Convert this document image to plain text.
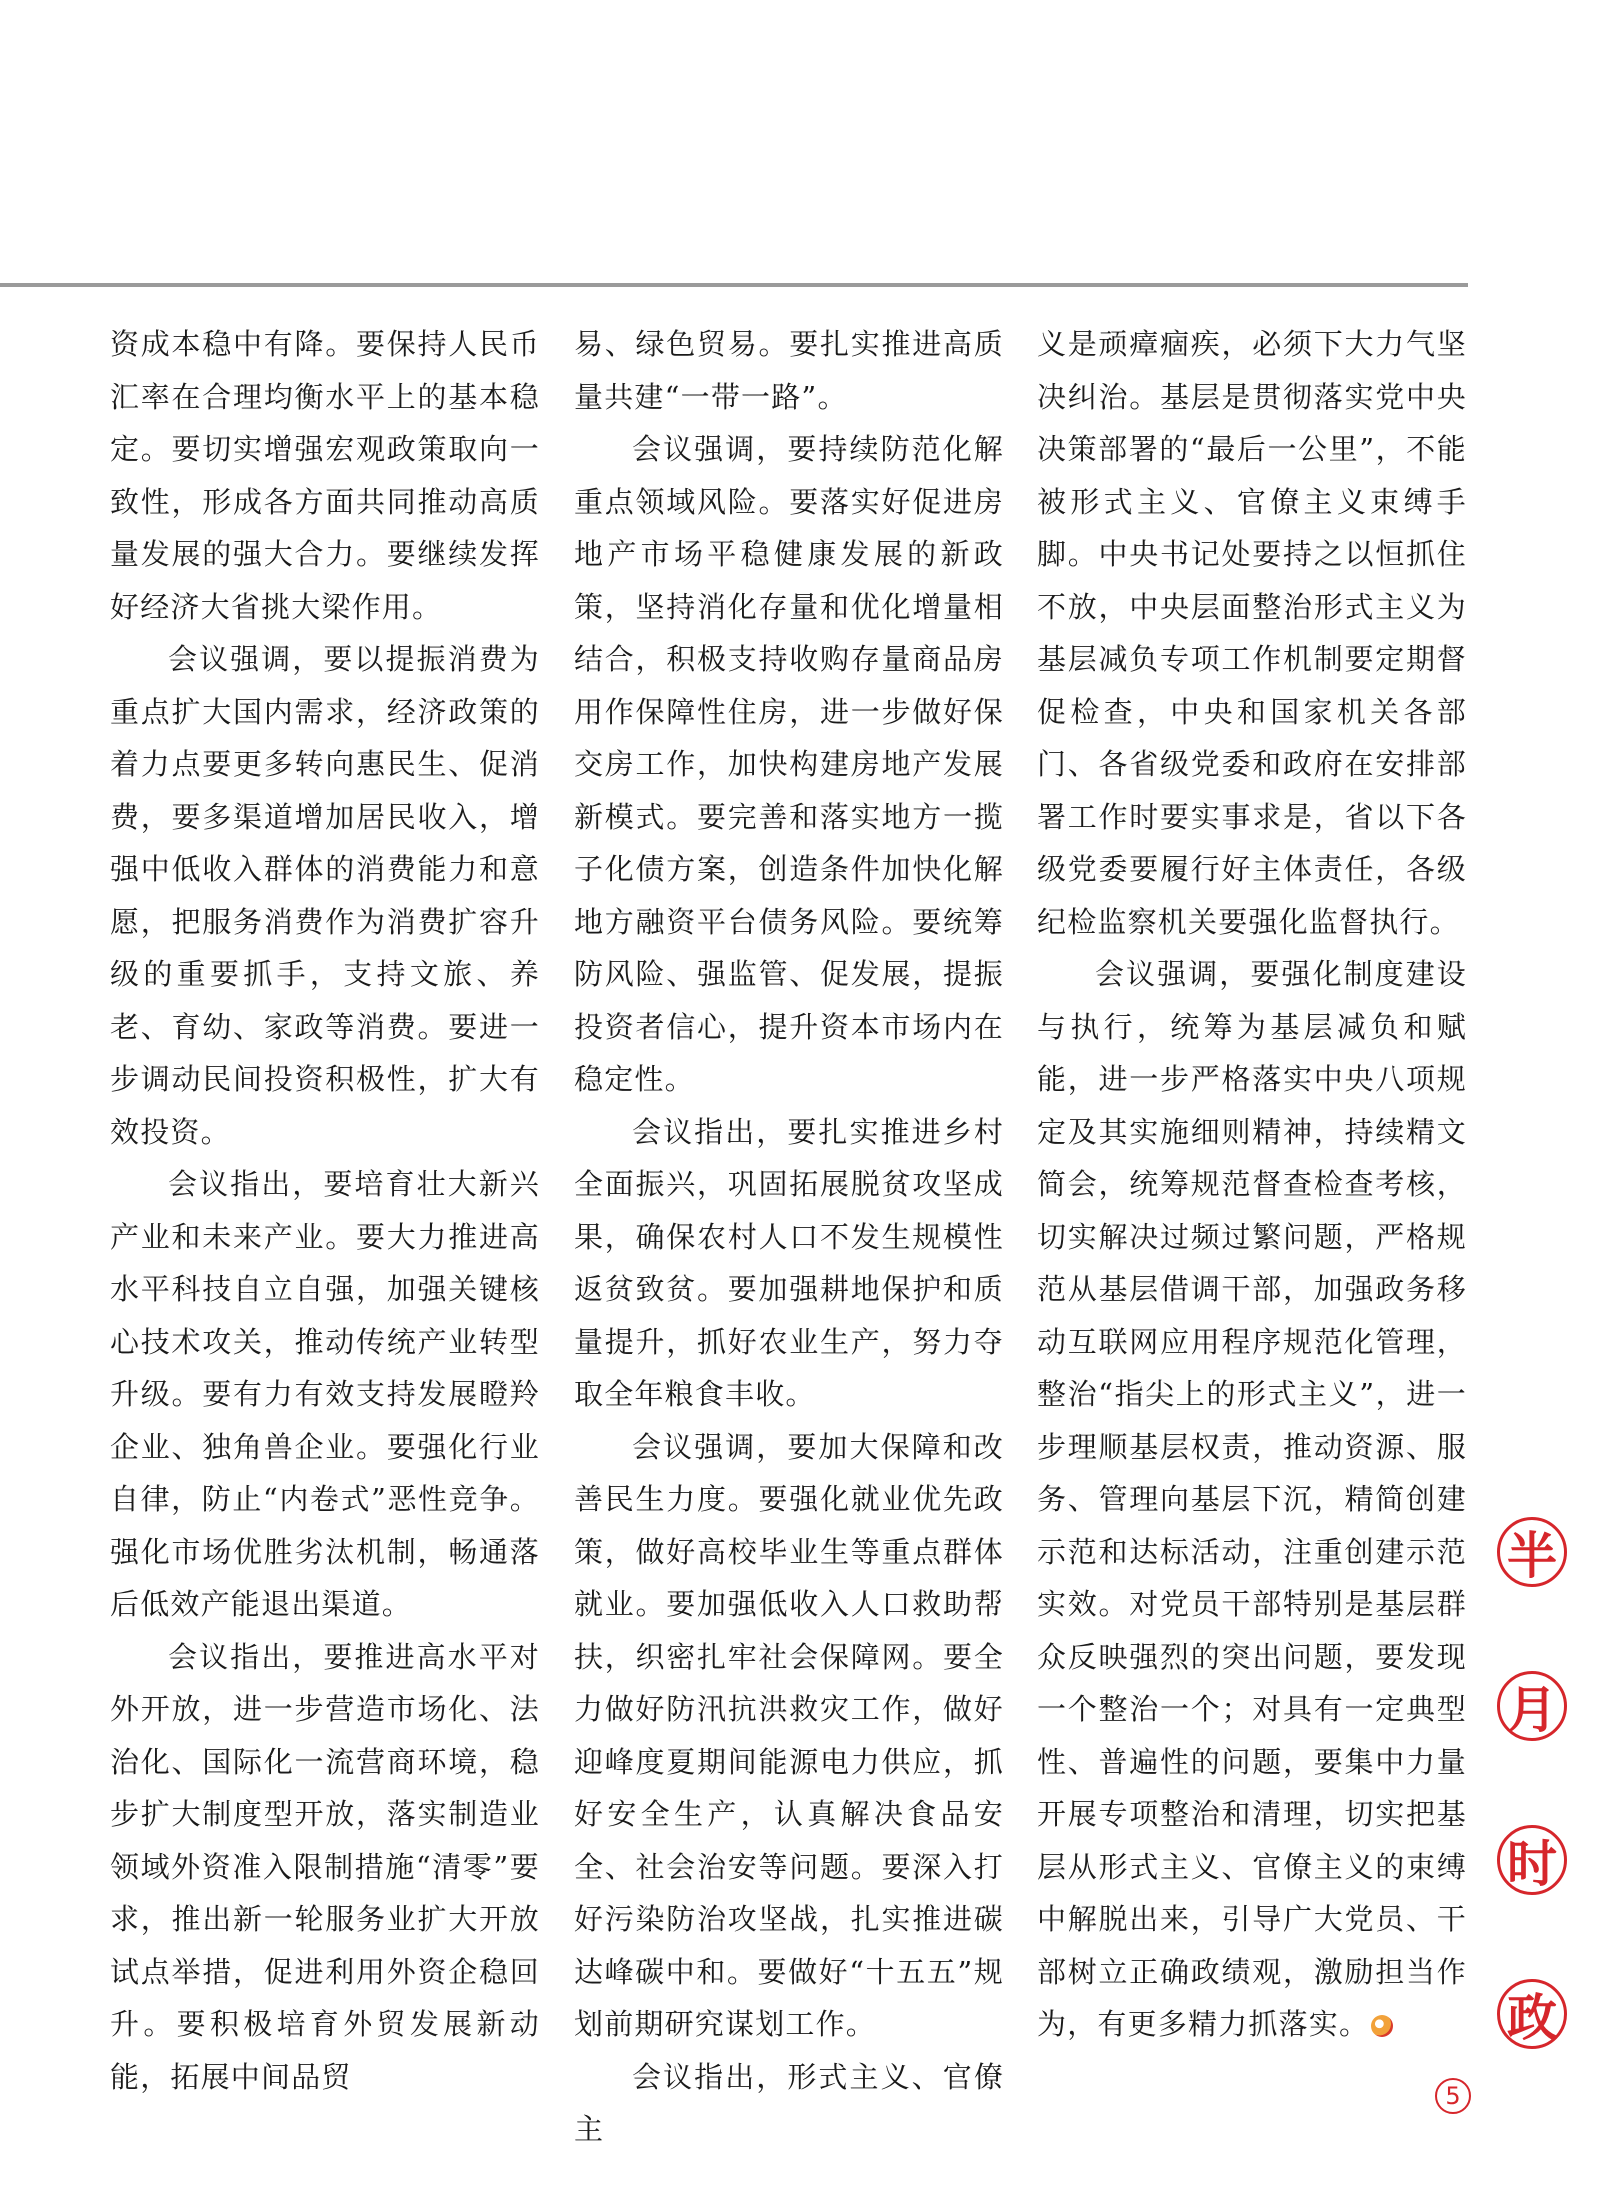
资成本稳中有降。要保持人民币汇率在合理均衡水平上的基本稳定。要切实增强宏观政策取向一致性，形成各方面共同推动高质量发展的强大合力。要继续发挥好经济大省挑大梁作用。

会议强调，要以提振消费为重点扩大国内需求，经济政策的着力点要更多转向惠民生、促消费，要多渠道增加居民收入，增强中低收入群体的消费能力和意愿，把服务消费作为消费扩容升级的重要抓手，支持文旅、养老、育幼、家政等消费。要进一步调动民间投资积极性，扩大有效投资。

会议指出，要培育壮大新兴产业和未来产业。要大力推进高水平科技自立自强，加强关键核心技术攻关，推动传统产业转型升级。要有力有效支持发展瞪羚企业、独角兽企业。要强化行业自律，防止“内卷式”恶性竞争。强化市场优胜劣汰机制，畅通落后低效产能退出渠道。

会议指出，要推进高水平对外开放，进一步营造市场化、法治化、国际化一流营商环境，稳步扩大制度型开放，落实制造业领域外资准入限制措施“清零”要求，推出新一轮服务业扩大开放试点举措，促进利用外资企稳回升。要积极培育外贸发展新动能，拓展中间品贸

易、绿色贸易。要扎实推进高质量共建“一带一路”。

会议强调，要持续防范化解重点领域风险。要落实好促进房地产市场平稳健康发展的新政策，坚持消化存量和优化增量相结合，积极支持收购存量商品房用作保障性住房，进一步做好保交房工作，加快构建房地产发展新模式。要完善和落实地方一揽子化债方案，创造条件加快化解地方融资平台债务风险。要统筹防风险、强监管、促发展，提振投资者信心，提升资本市场内在稳定性。

会议指出，要扎实推进乡村全面振兴，巩固拓展脱贫攻坚成果，确保农村人口不发生规模性返贫致贫。要加强耕地保护和质量提升，抓好农业生产，努力夺取全年粮食丰收。

会议强调，要加大保障和改善民生力度。要强化就业优先政策，做好高校毕业生等重点群体就业。要加强低收入人口救助帮扶，织密扎牢社会保障网。要全力做好防汛抗洪救灾工作，做好迎峰度夏期间能源电力供应，抓好安全生产，认真解决食品安全、社会治安等问题。要深入打好污染防治攻坚战，扎实推进碳达峰碳中和。要做好“十五五”规划前期研究谋划工作。

会议指出，形式主义、官僚主

义是顽瘴痼疾，必须下大力气坚决纠治。基层是贯彻落实党中央决策部署的“最后一公里”，不能被形式主义、官僚主义束缚手脚。中央书记处要持之以恒抓住不放，中央层面整治形式主义为基层减负专项工作机制要定期督促检查，中央和国家机关各部门、各省级党委和政府在安排部署工作时要实事求是，省以下各级党委要履行好主体责任，各级纪检监察机关要强化监督执行。

会议强调，要强化制度建设与执行，统筹为基层减负和赋能，进一步严格落实中央八项规定及其实施细则精神，持续精文简会，统筹规范督查检查考核，切实解决过频过繁问题，严格规范从基层借调干部，加强政务移动互联网应用程序规范化管理，整治“指尖上的形式主义”，进一步理顺基层权责，推动资源、服务、管理向基层下沉，精简创建示范和达标活动，注重创建示范实效。对党员干部特别是基层群众反映强烈的突出问题，要发现一个整治一个；对具有一定典型性、普遍性的问题，要集中力量开展专项整治和清理，切实把基层从形式主义、官僚主义的束缚中解脱出来，引导广大党员、干部树立正确政绩观，激励担当作为，有更多精力抓落实。

半
月
时
政
5
